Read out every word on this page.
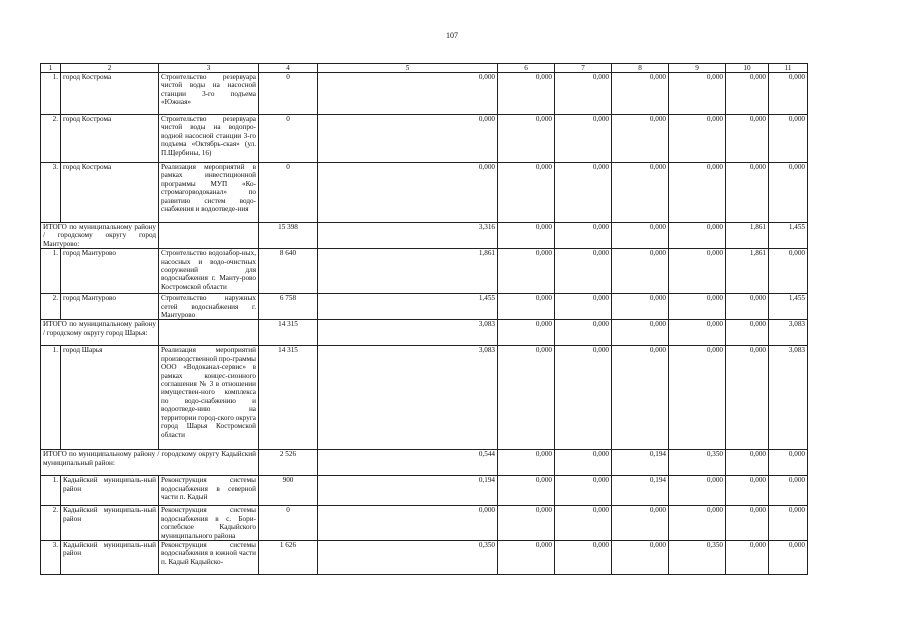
107
1	2	3	4	5	6	7	8	9	10	11
1.	город Кострома	Строительство резервуара чистой воды на насосной станции 3-го подъема «Южная»	0	0,000	0,000	0,000	0,000	0,000	0,000	0,000
2.	город Кострома	Строительство резервуара чистой воды на водопро-водной насосной станции 3-го подъема «Октябрь-ская» (ул. П.Щербины, 16)	0	0,000	0,000	0,000	0,000	0,000	0,000	0,000
3.	город Кострома	Реализация мероприятий в рамках инвестиционной программы МУП «Ко-стромагорводоканал» по развитию систем водо-снабжения и водоотведе-ния	0	0,000	0,000	0,000	0,000	0,000	0,000	0,000
ИТОГО по муниципальному району / городскому округу город Мантурово:			15 398	3,316	0,000	0,000	0,000	0,000	1,861	1,455
1.	город Мантурово	Строительство водозабор-ных, насосных и водо-очистных сооружений для водоснабжения г. Манту-рово Костромской области	8 640	1,861	0,000	0,000	0,000	0,000	1,861	0,000
2.	город Мантурово	Строительство наружных сетей водоснабжения г. Мантурово	6 758	1,455	0,000	0,000	0,000	0,000	0,000	1,455
ИТОГО по муниципальному району / городскому округу город Шарья:			14 315	3,083	0,000	0,000	0,000	0,000	0,000	3,083
1.	город Шарья	Реализация мероприятий производственной про-граммы ООО «Водоканал-сервис» в рамках концес-сионного соглашения № 3 в отношении имуществен-ного комплекса по водо-снабжению и водоотведе-нию на территории город-ского округа город Шарья Костромской области	14 315	3,083	0,000	0,000	0,000	0,000	0,000	3,083
ИТОГО по муниципальному району / городскому округу Кадыйский муниципальный район:			2 526	0,544	0,000	0,000	0,194	0,350	0,000	0,000
1.	Кадыйский муниципаль-ный район	Реконструкция системы водоснабжения в северной части п. Кадый	900	0,194	0,000	0,000	0,194	0,000	0,000	0,000
2.	Кадыйский муниципаль-ный район	Реконструкция системы водоснабжения в с. Бори-соглебское Кадыйского муниципального района	0	0,000	0,000	0,000	0,000	0,000	0,000	0,000
3.	Кадыйский муниципаль-ный район	Реконструкция системы водоснабжения в южной части п. Кадый Кадыйско-	1 626	0,350	0,000	0,000	0,000	0,350	0,000	0,000
